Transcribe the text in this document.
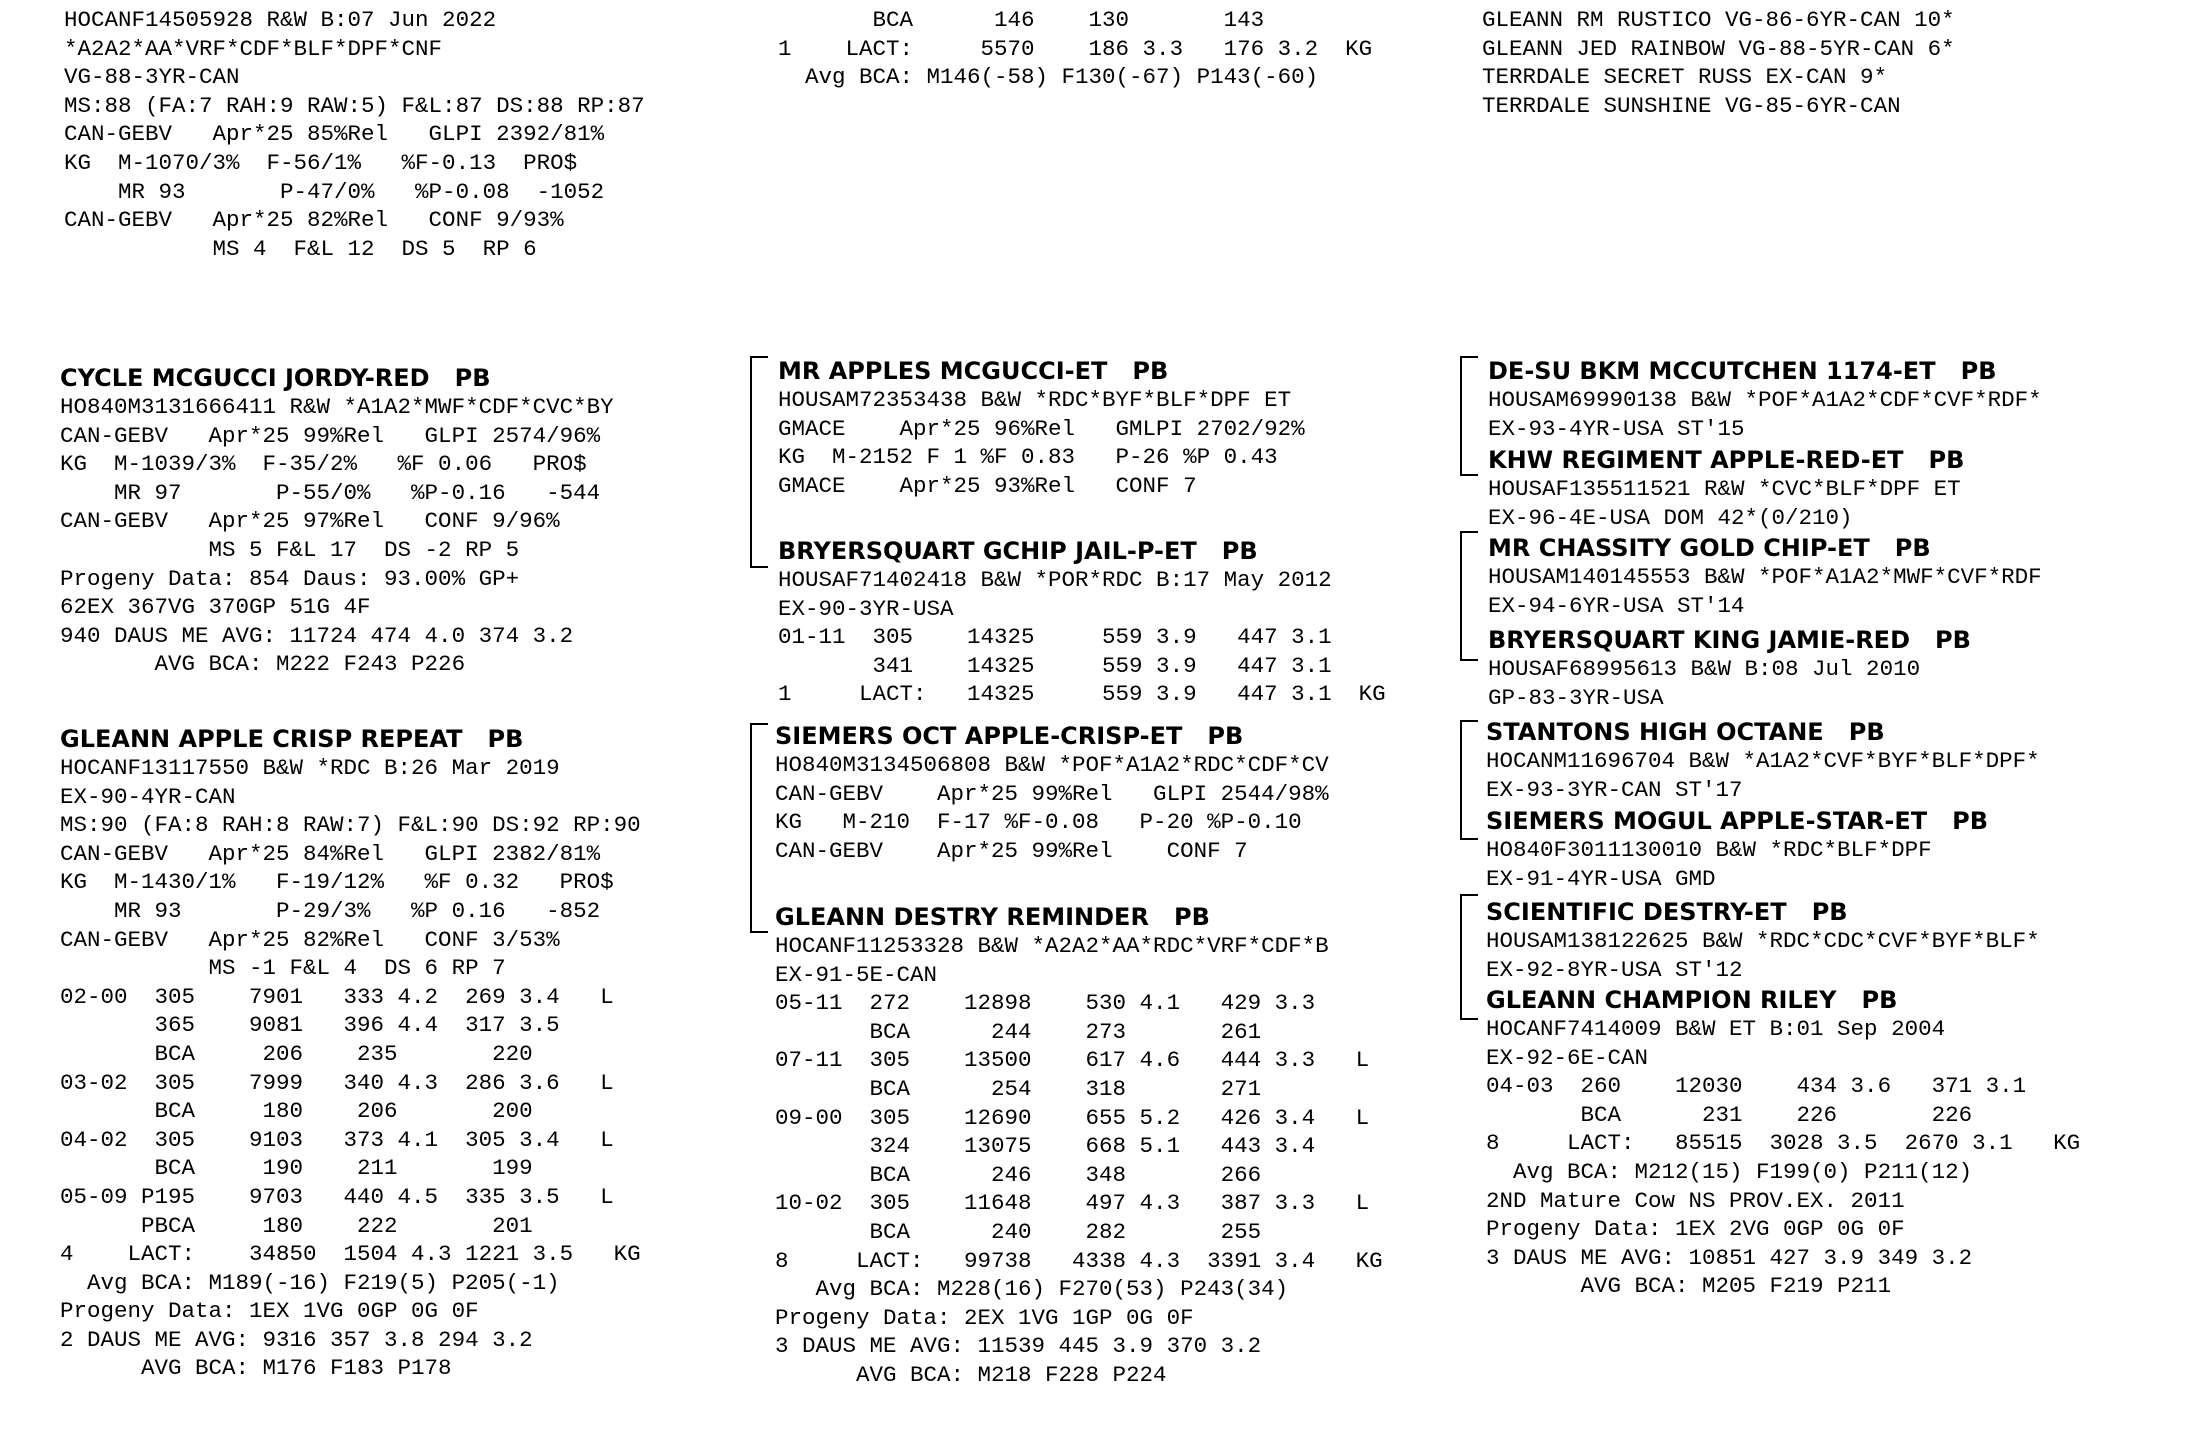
HOCANF14505928 R&W B:07 Jun 2022
*A2A2*AA*VRF*CDF*BLF*DPF*CNF
VG-88-3YR-CAN
MS:88 (FA:7 RAH:9 RAW:5) F&L:87 DS:88 RP:87
CAN-GEBV   Apr*25 85%Rel   GLPI 2392/81%
KG  M-1070/3%  F-56/1%   %F-0.13  PRO$
MR 93       P-47/0%   %P-0.08  -1052
CAN-GEBV   Apr*25 82%Rel   CONF 9/93%
MS 4  F&L 12  DS 5  RP 6
BCA      146    130       143
1    LACT:     5570    186 3.3   176 3.2  KG
Avg BCA: M146(-58) F130(-67) P143(-60)
GLEANN RM RUSTICO VG-86-6YR-CAN 10*
GLEANN JED RAINBOW VG-88-5YR-CAN 6*
TERRDALE SECRET RUSS EX-CAN 9*
TERRDALE SUNSHINE VG-85-6YR-CAN
CYCLE MCGUCCI JORDY-RED   PB
HO840M3131666411 R&W *A1A2*MWF*CDF*CVC*BY
CAN-GEBV   Apr*25 99%Rel   GLPI 2574/96%
KG  M-1039/3%  F-35/2%   %F 0.06   PRO$
MR 97       P-55/0%   %P-0.16   -544
CAN-GEBV   Apr*25 97%Rel   CONF 9/96%
MS 5 F&L 17  DS -2 RP 5
Progeny Data: 854 Daus: 93.00% GP+
62EX 367VG 370GP 51G 4F
940 DAUS ME AVG: 11724 474 4.0 374 3.2
AVG BCA: M222 F243 P226
GLEANN APPLE CRISP REPEAT   PB
HOCANF13117550 B&W *RDC B:26 Mar 2019
EX-90-4YR-CAN
MS:90 (FA:8 RAH:8 RAW:7) F&L:90 DS:92 RP:90
CAN-GEBV   Apr*25 84%Rel   GLPI 2382/81%
KG  M-1430/1%   F-19/12%   %F 0.32   PRO$
MR 93       P-29/3%   %P 0.16   -852
CAN-GEBV   Apr*25 82%Rel   CONF 3/53%
MS -1 F&L 4  DS 6 RP 7
02-00  305    7901   333 4.2  269 3.4   L
365    9081   396 4.4  317 3.5
BCA     206    235       220
03-02  305    7999   340 4.3  286 3.6   L
BCA     180    206       200
04-02  305    9103   373 4.1  305 3.4   L
BCA     190    211       199
05-09 P195    9703   440 4.5  335 3.5   L
PBCA     180    222       201
4    LACT:    34850  1504 4.3 1221 3.5   KG
Avg BCA: M189(-16) F219(5) P205(-1)
Progeny Data: 1EX 1VG 0GP 0G 0F
2 DAUS ME AVG: 9316 357 3.8 294 3.2
AVG BCA: M176 F183 P178
MR APPLES MCGUCCI-ET   PB
HOUSAM72353438 B&W *RDC*BYF*BLF*DPF ET
GMACE    Apr*25 96%Rel   GMLPI 2702/92%
KG  M-2152 F 1 %F 0.83   P-26 %P 0.43
GMACE    Apr*25 93%Rel   CONF 7
BRYERSQUART GCHIP JAIL-P-ET   PB
HOUSAF71402418 B&W *POR*RDC B:17 May 2012
EX-90-3YR-USA
01-11  305    14325     559 3.9   447 3.1
341    14325     559 3.9   447 3.1
1     LACT:   14325     559 3.9   447 3.1  KG
SIEMERS OCT APPLE-CRISP-ET   PB
HO840M3134506808 B&W *POF*A1A2*RDC*CDF*CV
CAN-GEBV    Apr*25 99%Rel   GLPI 2544/98%
KG   M-210  F-17 %F-0.08   P-20 %P-0.10
CAN-GEBV    Apr*25 99%Rel    CONF 7
GLEANN DESTRY REMINDER   PB
HOCANF11253328 B&W *A2A2*AA*RDC*VRF*CDF*B
EX-91-5E-CAN
05-11  272    12898    530 4.1   429 3.3
BCA      244    273       261
07-11  305    13500    617 4.6   444 3.3   L
BCA      254    318       271
09-00  305    12690    655 5.2   426 3.4   L
324    13075    668 5.1   443 3.4
BCA      246    348       266
10-02  305    11648    497 4.3   387 3.3   L
BCA      240    282       255
8     LACT:   99738   4338 4.3  3391 3.4   KG
Avg BCA: M228(16) F270(53) P243(34)
Progeny Data: 2EX 1VG 1GP 0G 0F
3 DAUS ME AVG: 11539 445 3.9 370 3.2
AVG BCA: M218 F228 P224
DE-SU BKM MCCUTCHEN 1174-ET   PB
HOUSAM69990138 B&W *POF*A1A2*CDF*CVF*RDF*
EX-93-4YR-USA ST'15
KHW REGIMENT APPLE-RED-ET   PB
HOUSAF135511521 R&W *CVC*BLF*DPF ET
EX-96-4E-USA DOM 42*(0/210)
MR CHASSITY GOLD CHIP-ET   PB
HOUSAM140145553 B&W *POF*A1A2*MWF*CVF*RDF
EX-94-6YR-USA ST'14
BRYERSQUART KING JAMIE-RED   PB
HOUSAF68995613 B&W B:08 Jul 2010
GP-83-3YR-USA
STANTONS HIGH OCTANE   PB
HOCANM11696704 B&W *A1A2*CVF*BYF*BLF*DPF*
EX-93-3YR-CAN ST'17
SIEMERS MOGUL APPLE-STAR-ET   PB
HO840F3011130010 B&W *RDC*BLF*DPF
EX-91-4YR-USA GMD
SCIENTIFIC DESTRY-ET   PB
HOUSAM138122625 B&W *RDC*CDC*CVF*BYF*BLF*
EX-92-8YR-USA ST'12
GLEANN CHAMPION RILEY   PB
HOCANF7414009 B&W ET B:01 Sep 2004
EX-92-6E-CAN
04-03  260    12030    434 3.6   371 3.1
BCA      231    226       226
8     LACT:   85515  3028 3.5  2670 3.1   KG
Avg BCA: M212(15) F199(0) P211(12)
2ND Mature Cow NS PROV.EX. 2011
Progeny Data: 1EX 2VG 0GP 0G 0F
3 DAUS ME AVG: 10851 427 3.9 349 3.2
AVG BCA: M205 F219 P211
